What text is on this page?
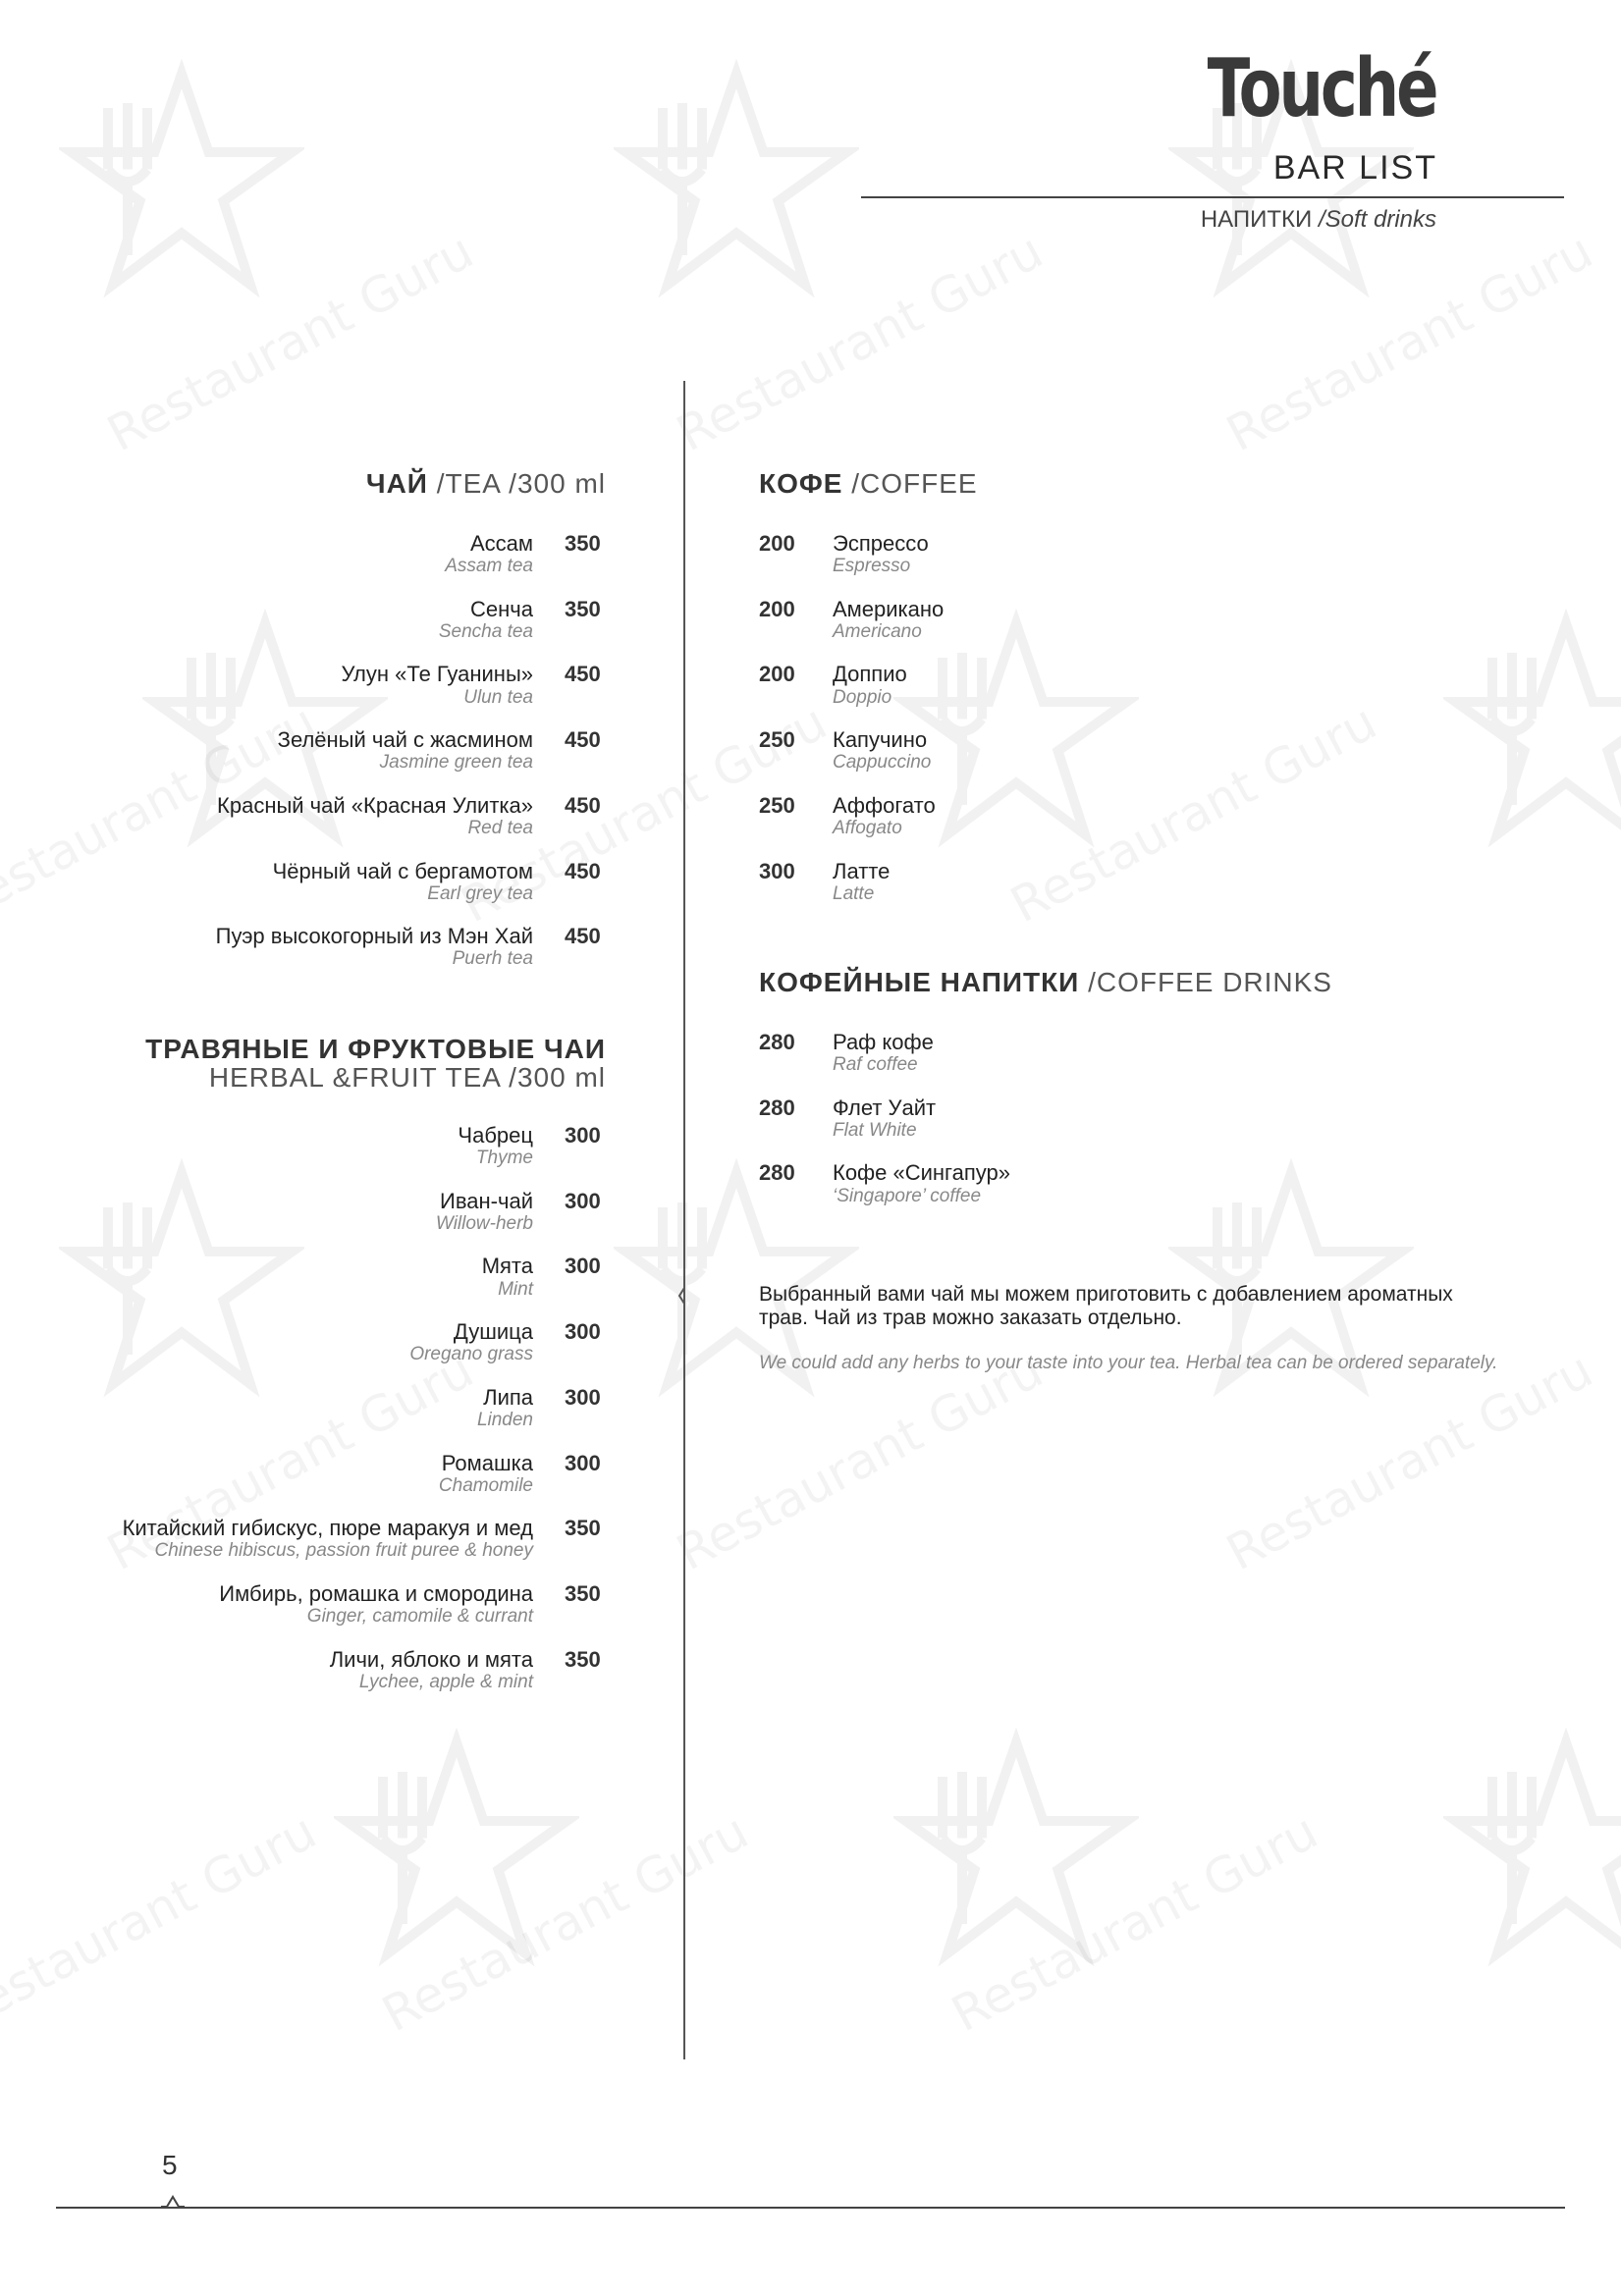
Touché
BAR LIST
НАПИТКИ /Soft drinks
ЧАЙ /TEA /300 ml
Ассам
Assam tea
350
Сенча
Sencha tea
350
Улун «Те Гуанины»
Ulun tea
450
Зелёный чай с жасмином
Jasmine green tea
450
Красный чай «Красная Улитка»
Red tea
450
Чёрный чай с бергамотом
Earl grey tea
450
Пуэр высокогорный из Мэн Хай
Puerh tea
450
ТРАВЯНЫЕ И ФРУКТОВЫЕ ЧАИ
HERBAL &FRUIT TEA /300 ml
Чабрец
Thyme
300
Иван-чай
Willow-herb
300
Мята
Mint
300
Душица
Oregano grass
300
Липа
Linden
300
Ромашка
Chamomile
300
Китайский гибискус, пюре маракуя и мед
Chinese hibiscus, passion fruit puree & honey
350
Имбирь, ромашка и смородина
Ginger, camomile & currant
350
Личи, яблоко и мята
Lychee, apple & mint
350
КОФЕ /COFFEE
Эспрессо
Espresso
200
Американо
Americano
200
Доппио
Doppio
200
Капучино
Cappuccino
250
Аффогато
Affogato
250
Латте
Latte
300
КОФЕЙНЫЕ НАПИТКИ /COFFEE DRINKS
Раф кофе
Raf coffee
280
Флет Уайт
Flat White
280
Кофе «Сингапур»
‘Singapore’ coffee
280
Выбранный вами чай мы можем приготовить с добавлением ароматных трав. Чай из трав можно заказать отдельно.
We could add any herbs to your taste into your tea. Herbal tea can be ordered separately.
5
